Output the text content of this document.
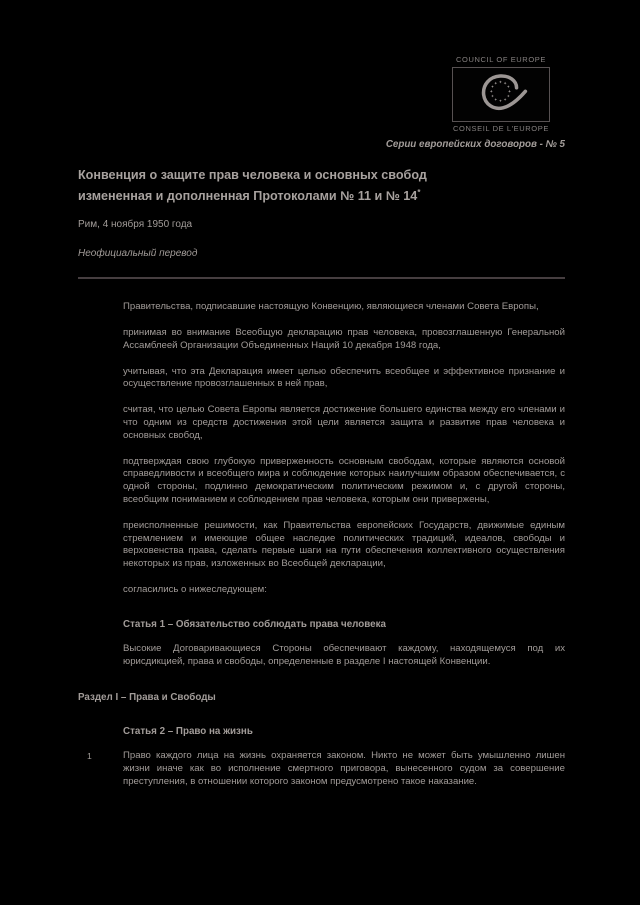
COUNCIL OF EUROPE
CONSEIL DE L'EUROPE
Серии европейских договоров - № 5
Конвенция о защите прав человека и основных свобод
измененная и дополненная Протоколами № 11 и № 14*
Рим, 4 ноября 1950 года
Неофициальный перевод

Правительства, подписавшие настоящую Конвенцию, являющиеся членами Совета Европы,

принимая во внимание Всеобщую декларацию прав человека, провозглашенную Генеральной Ассамблеей Организации Объединенных Наций 10 декабря 1948 года,

учитывая, что эта Декларация имеет целью обеспечить всеобщее и эффективное признание и осуществление провозглашенных в ней прав,

считая, что целью Совета Европы является достижение большего единства между его членами и что одним из средств достижения этой цели является защита и развитие прав человека и основных свобод,

подтверждая свою глубокую приверженность основным свободам, которые являются основой справедливости и всеобщего мира и соблюдение которых наилучшим образом обеспечивается, с одной стороны, подлинно демократическим политическим режимом и, с другой стороны, всеобщим пониманием и соблюдением прав человека, которым они привержены,

преисполненные решимости, как Правительства европейских Государств, движимые единым стремлением и имеющие общее наследие политических традиций, идеалов, свободы и верховенства права, сделать первые шаги на пути обеспечения коллективного осуществления некоторых из прав, изложенных во Всеобщей декларации,

согласились о нижеследующем:

Статья 1 – Обязательство соблюдать права человека

Высокие Договаривающиеся Стороны обеспечивают каждому, находящемуся под их юрисдикцией, права и свободы, определенные в разделе I настоящей Конвенции.

Раздел I – Права и Свободы
Статья 2 – Право на жизнь
1	Право каждого лица на жизнь охраняется законом. Никто не может быть умышленно лишен жизни иначе как во исполнение смертного приговора, вынесенного судом за совершение преступления, в отношении которого законом предусмотрено такое наказание.
